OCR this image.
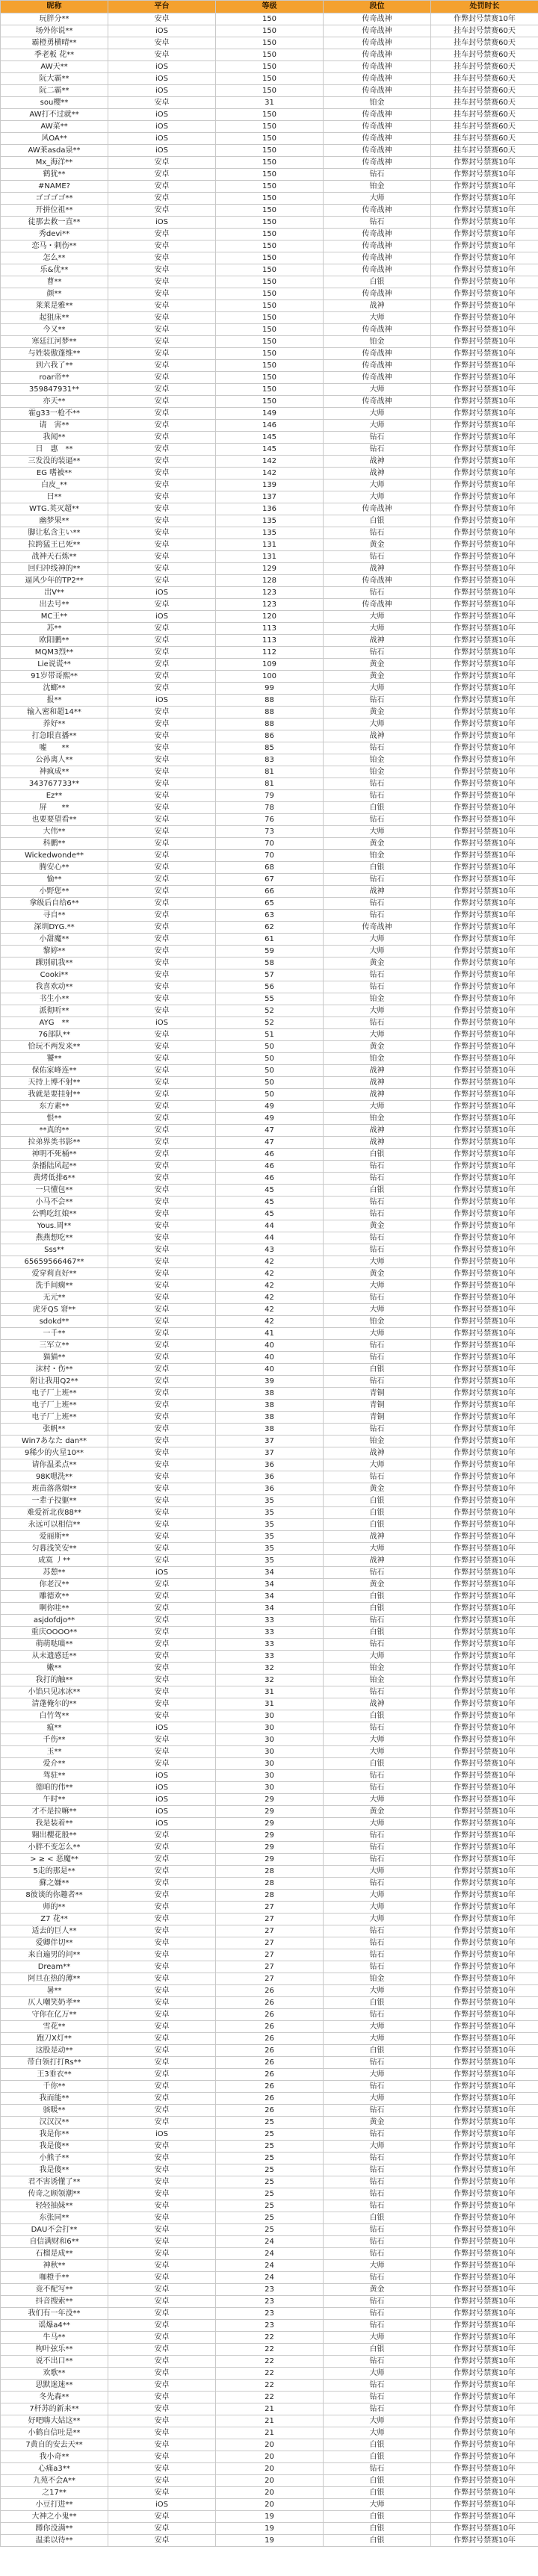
昵称	平台	等级	段位	处罚时长
玩胖分**	安卓	150	传奇战神	作弊封号禁赛10年
场外你说**	iOS	150	传奇战神	挂车封号禁赛60天
霸橙勇横晴**	安卓	150	传奇战神	挂车封号禁赛60天
季老板 花**	安卓	150	传奇战神	挂车封号禁赛60天
AW天**	iOS	150	传奇战神	挂车封号禁赛60天
阮大霸**	iOS	150	传奇战神	挂车封号禁赛60天
阮二霸**	iOS	150	传奇战神	挂车封号禁赛60天
sou樱**	安卓	31	铂金	挂车封号禁赛60天
AW打不过就**	iOS	150	传奇战神	挂车封号禁赛60天
AW菜**	iOS	150	传奇战神	挂车封号禁赛60天
风OA**	iOS	150	传奇战神	挂车封号禁赛60天
AW莱asda泉**	iOS	150	传奇战神	挂车封号禁赛60天
Mx_海洋**	安卓	150	传奇战神	作弊封号禁赛10年
鹤犹**	安卓	150	钻石	作弊封号禁赛10年
#NAME?	安卓	150	铂金	作弊封号禁赛10年
ゴゴゴゴ**	安卓	150	大师	作弊封号禁赛10年
开拼位祖**	安卓	150	传奇战神	作弊封号禁赛10年
徒那去救一直**	iOS	150	钻石	作弊封号禁赛10年
秀devi**	安卓	150	传奇战神	作弊封号禁赛10年
恋马・刺伤**	安卓	150	传奇战神	作弊封号禁赛10年
怎么**	安卓	150	传奇战神	作弊封号禁赛10年
乐&优**	安卓	150	传奇战神	作弊封号禁赛10年
曹**	安卓	150	白银	作弊封号禁赛10年
颜**	安卓	150	传奇战神	作弊封号禁赛10年
莱莱是雅**	安卓	150	战神	作弊封号禁赛10年
起狙床**	安卓	150	大师	作弊封号禁赛10年
今又**	安卓	150	传奇战神	作弊封号禁赛10年
寒廷江河梦**	安卓	150	铂金	作弊封号禁赛10年
与姓装傲蓬维**	安卓	150	传奇战神	作弊封号禁赛10年
到六我了**	安卓	150	传奇战神	作弊封号禁赛10年
roar帝**	安卓	150	传奇战神	作弊封号禁赛10年
359847931**	安卓	150	大师	作弊封号禁赛10年
亦天**	安卓	150	传奇战神	作弊封号禁赛10年
霍g33一枪不**	安卓	149	大师	作弊封号禁赛10年
请　害**	安卓	146	大师	作弊封号禁赛10年
我闻**	安卓	145	钻石	作弊封号禁赛10年
日　惠　**	安卓	145	钻石	作弊封号禁赛10年
三发没的装逼**	安卓	142	战神	作弊封号禁赛10年
EG 嗜被**	安卓	142	战神	作弊封号禁赛10年
白皮_**	安卓	139	大师	作弊封号禁赛10年
曰**	安卓	137	大师	作弊封号禁赛10年
WTG.英灭超**	安卓	136	传奇战神	作弊封号禁赛10年
幽梦果**	安卓	135	白银	作弊封号禁赛10年
脚让私含主い**	安卓	135	钻石	作弊封号禁赛10年
拉跨猛王已死**	安卓	131	黄金	作弊封号禁赛10年
战神天石炼**	安卓	131	钻石	作弊封号禁赛10年
回归冲线神的**	安卓	129	战神	作弊封号禁赛10年
逼风少年的TP2**	安卓	128	传奇战神	作弊封号禁赛10年
岀V**	iOS	123	钻石	作弊封号禁赛10年
出去号**	安卓	123	传奇战神	作弊封号禁赛10年
MC王**	iOS	120	大师	作弊封号禁赛10年
苏**	安卓	113	大师	作弊封号禁赛10年
欧阳鹏**	安卓	113	战神	作弊封号禁赛10年
MQM3烈**	安卓	112	钻石	作弊封号禁赛10年
Lie说谎**	安卓	109	黄金	作弊封号禁赛10年
91岁带哥熙**	安卓	100	黄金	作弊封号禁赛10年
沈螂**	安卓	99	大师	作弊封号禁赛10年
报**	iOS	88	钻石	作弊封号禁赛10年
输入密和超14**	安卓	88	黄金	作弊封号禁赛10年
养好**	安卓	88	大师	作弊封号禁赛10年
打急眼直播**	安卓	86	战神	作弊封号禁赛10年
嘘　　**	安卓	85	钻石	作弊封号禁赛10年
公孙离人**	安卓	83	铂金	作弊封号禁赛10年
神疯成**	安卓	81	铂金	作弊封号禁赛10年
343767733**	安卓	81	钻石	作弊封号禁赛10年
Ez**	安卓	79	钻石	作弊封号禁赛10年
屏　　**	安卓	78	白银	作弊封号禁赛10年
也要要望看**	安卓	76	钻石	作弊封号禁赛10年
大伟**	安卓	73	大师	作弊封号禁赛10年
科鹏**	安卓	70	黄金	作弊封号禁赛10年
Wickedwonde**	安卓	70	铂金	作弊封号禁赛10年
腾安心**	安卓	68	白银	作弊封号禁赛10年
愉**	安卓	67	钻石	作弊封号禁赛10年
小野您**	安卓	66	战神	作弊封号禁赛10年
拿级后自给6**	安卓	65	钻石	作弊封号禁赛10年
寻自**	安卓	63	钻石	作弊封号禁赛10年
深圳DYG.**	安卓	62	传奇战神	作弊封号禁赛10年
小甜魔**	安卓	61	大师	作弊封号禁赛10年
黎婷**	安卓	59	大师	作弊封号禁赛10年
踝別矶我**	安卓	58	黄金	作弊封号禁赛10年
Cooki**	安卓	57	钻石	作弊封号禁赛10年
我喜欢动**	安卓	56	钻石	作弊封号禁赛10年
书生小**	安卓	55	铂金	作弊封号禁赛10年
派彻听**	安卓	52	大师	作弊封号禁赛10年
AYG　**	iOS	52	钻石	作弊封号禁赛10年
76部队**	安卓	51	大师	作弊封号禁赛10年
恰玩不两发来**	安卓	50	黄金	作弊封号禁赛10年
饕**	安卓	50	铂金	作弊封号禁赛10年
保佑家峰连**	安卓	50	战神	作弊封号禁赛10年
天持上博不射**	安卓	50	战神	作弊封号禁赛10年
我就是要挂射**	安卓	50	战神	作弊封号禁赛10年
东方素**	安卓	49	大师	作弊封号禁赛10年
恨**	安卓	49	铂金	作弊封号禁赛10年
**真的**	安卓	47	战神	作弊封号禁赛10年
拉弟界类书影**	安卓	47	战神	作弊封号禁赛10年
神明不死桶**	安卓	46	白银	作弊封号禁赛10年
条播陆风起**	安卓	46	钻石	作弊封号禁赛10年
黄烤低排6**	安卓	46	钻石	作弊封号禁赛10年
一只懂包**	安卓	45	白银	作弊封号禁赛10年
小马不会**	安卓	45	钻石	作弊封号禁赛10年
公鸭吃红娘**	安卓	45	钻石	作弊封号禁赛10年
Yous.周**	安卓	44	黄金	作弊封号禁赛10年
燕燕想吃**	安卓	44	钻石	作弊封号禁赛10年
Sss**	安卓	43	钻石	作弊封号禁赛10年
65659566467**	安卓	42	大师	作弊封号禁赛10年
爱穿莉直好**	安卓	42	黄金	作弊封号禁赛10年
洗手间瘸**	安卓	42	大师	作弊封号禁赛10年
无元**	安卓	42	钻石	作弊封号禁赛10年
虎牙QS 窘**	安卓	42	大师	作弊封号禁赛10年
sdokd**	安卓	42	铂金	作弊封号禁赛10年
一千**	安卓	41	大师	作弊封号禁赛10年
三军立**	安卓	40	钻石	作弊封号禁赛10年
猫猫**	安卓	40	钻石	作弊封号禁赛10年
沫村・伤**	安卓	40	白银	作弊封号禁赛10年
附让我用Q2**	安卓	39	钻石	作弊封号禁赛10年
电子厂上班**	安卓	38	青铜	作弊封号禁赛10年
电子厂上班**	安卓	38	青铜	作弊封号禁赛10年
电子厂上班**	安卓	38	青铜	作弊封号禁赛10年
张帆**	安卓	38	钻石	作弊封号禁赛10年
Win7あなた dan**	安卓	37	铂金	作弊封号禁赛10年
9稀少的火星10**	安卓	37	战神	作弊封号禁赛10年
请你温柔点**	安卓	36	大师	作弊封号禁赛10年
98K嗯洗**	安卓	36	钻石	作弊封号禁赛10年
班苗落落烟**	安卓	36	黄金	作弊封号禁赛10年
一辈子投躯**	安卓	35	白银	作弊封号禁赛10年
难爱祈北夜88**	安卓	35	白银	作弊封号禁赛10年
永远可以相信**	安卓	35	白银	作弊封号禁赛10年
爱丽斯**	安卓	35	战神	作弊封号禁赛10年
匀暮浅笑安**	安卓	35	大师	作弊封号禁赛10年
成寞 丿**	安卓	35	战神	作弊封号禁赛10年
苏憩**	iOS	34	钻石	作弊封号禁赛10年
你老汉**	安卓	34	黄金	作弊封号禁赛10年
雕德欢**	安卓	34	白银	作弊封号禁赛10年
啊你哇**	安卓	34	白银	作弊封号禁赛10年
asjdofdjo**	安卓	33	钻石	作弊封号禁赛10年
重庆OOOO**	安卓	33	白银	作弊封号禁赛10年
萌萌哒喵**	安卓	33	钻石	作弊封号禁赛10年
从未遗感廷**	安卓	33	大师	作弊封号禁赛10年
嫩**	安卓	32	铂金	作弊封号禁赛10年
我打的触**	安卓	32	铂金	作弊封号禁赛10年
小馅只见冰冰**	安卓	31	钻石	作弊封号禁赛10年
清蓬俺尔的**	安卓	31	战神	作弊封号禁赛10年
白竹驾**	安卓	30	白银	作弊封号禁赛10年
瘟**	iOS	30	钻石	作弊封号禁赛10年
千伤**	安卓	30	大师	作弊封号禁赛10年
玉**	安卓	30	大师	作弊封号禁赛10年
爱介**	安卓	30	白银	作弊封号禁赛10年
驾驻**	iOS	30	钻石	作弊封号禁赛10年
德咱的伟**	iOS	30	钻石	作弊封号禁赛10年
午时**	iOS	29	大师	作弊封号禁赛10年
才不是拉嘛**	iOS	29	黄金	作弊封号禁赛10年
我是装着**	iOS	29	大师	作弊封号禁赛10年
翱出櫻花般**	安卓	29	钻石	作弊封号禁赛10年
小胖不变怎么**	安卓	29	钻石	作弊封号禁赛10年
> ≥ < 恶魔**	安卓	29	钻石	作弊封号禁赛10年
5走的那是**	安卓	28	大师	作弊封号禁赛10年
蘇之嫌**	安卓	28	钻石	作弊封号禁赛10年
8彼谈的你趣者**	安卓	28	大师	作弊封号禁赛10年
师的**	安卓	27	大师	作弊封号禁赛10年
Z7 花**	安卓	27	大师	作弊封号禁赛10年
适去的巨人**	安卓	27	钻石	作弊封号禁赛10年
爱卿伴切**	安卓	27	钻石	作弊封号禁赛10年
来自遍男的问**	安卓	27	钻石	作弊封号禁赛10年
Dream**	安卓	27	钻石	作弊封号禁赛10年
阿旦在热的薄**	安卓	27	铂金	作弊封号禁赛10年
暑**	安卓	26	大师	作弊封号禁赛10年
仄人嘲笑奶孝**	安卓	26	白银	作弊封号禁赛10年
守你在亿万**	安卓	26	钻石	作弊封号禁赛10年
雪花**	安卓	26	大师	作弊封号禁赛10年
跑刀X灯**	安卓	26	大师	作弊封号禁赛10年
这股是动**	安卓	26	白银	作弊封号禁赛10年
带白领打打Rs**	安卓	26	钻石	作弊封号禁赛10年
王3垂衣**	安卓	26	大师	作弊封号禁赛10年
千你**	安卓	26	钻石	作弊封号禁赛10年
我而能**	安卓	26	大师	作弊封号禁赛10年
骇暖**	安卓	26	钻石	作弊封号禁赛10年
汉汉汉**	安卓	25	黄金	作弊封号禁赛10年
我是你**	iOS	25	钻石	作弊封号禁赛10年
我是傻**	安卓	25	大师	作弊封号禁赛10年
小熊子**	安卓	25	钻石	作弊封号禁赛10年
我是傻**	安卓	25	钻石	作弊封号禁赛10年
君不害诱懂了**	安卓	25	钻石	作弊封号禁赛10年
传奇之顾领潮**	安卓	25	钻石	作弊封号禁赛10年
轻轻抽妹**	安卓	25	钻石	作弊封号禁赛10年
东张同**	安卓	25	白银	作弊封号禁赛10年
DAU不会打**	安卓	25	钻石	作弊封号禁赛10年
自信满财和6**	安卓	24	钻石	作弊封号禁赛10年
石榴是成**	安卓	24	钻石	作弊封号禁赛10年
神秋**	安卓	24	大师	作弊封号禁赛10年
咖橙手**	安卓	24	钻石	作弊封号禁赛10年
竟不配写**	安卓	23	黄金	作弊封号禁赛10年
抖音搜索**	安卓	23	钻石	作弊封号禁赛10年
我们有一年没**	安卓	23	钻石	作弊封号禁赛10年
谣爆a4**	安卓	23	钻石	作弊封号禁赛10年
牛马**	安卓	22	大师	作弊封号禁赛10年
枸叶弦乐**	安卓	22	白银	作弊封号禁赛10年
说不出口**	安卓	22	钻石	作弊封号禁赛10年
欢歌**	安卓	22	大师	作弊封号禁赛10年
思默迷迷**	安卓	22	钻石	作弊封号禁赛10年
冬先森**	安卓	22	钻石	作弊封号禁赛10年
7杆苏的新来**	安卓	21	钻石	作弊封号禁赛10年
好吧嗨大姑这**	安卓	21	大师	作弊封号禁赛10年
小鹤自信吐是**	安卓	21	大师	作弊封号禁赛10年
7黄自的安去天**	安卓	20	白银	作弊封号禁赛10年
我小奇**	安卓	20	白银	作弊封号禁赛10年
心痛a3**	安卓	20	钻石	作弊封号禁赛10年
九苑不会A**	安卓	20	白银	作弊封号禁赛10年
之17**	安卓	20	白银	作弊封号禁赛10年
小豆打进**	iOS	20	大师	作弊封号禁赛10年
大神之小鬼**	安卓	19	白银	作弊封号禁赛10年
蹲你没满**	安卓	19	白银	作弊封号禁赛10年
温柔以待**	安卓	19	白银	作弊封号禁赛10年
